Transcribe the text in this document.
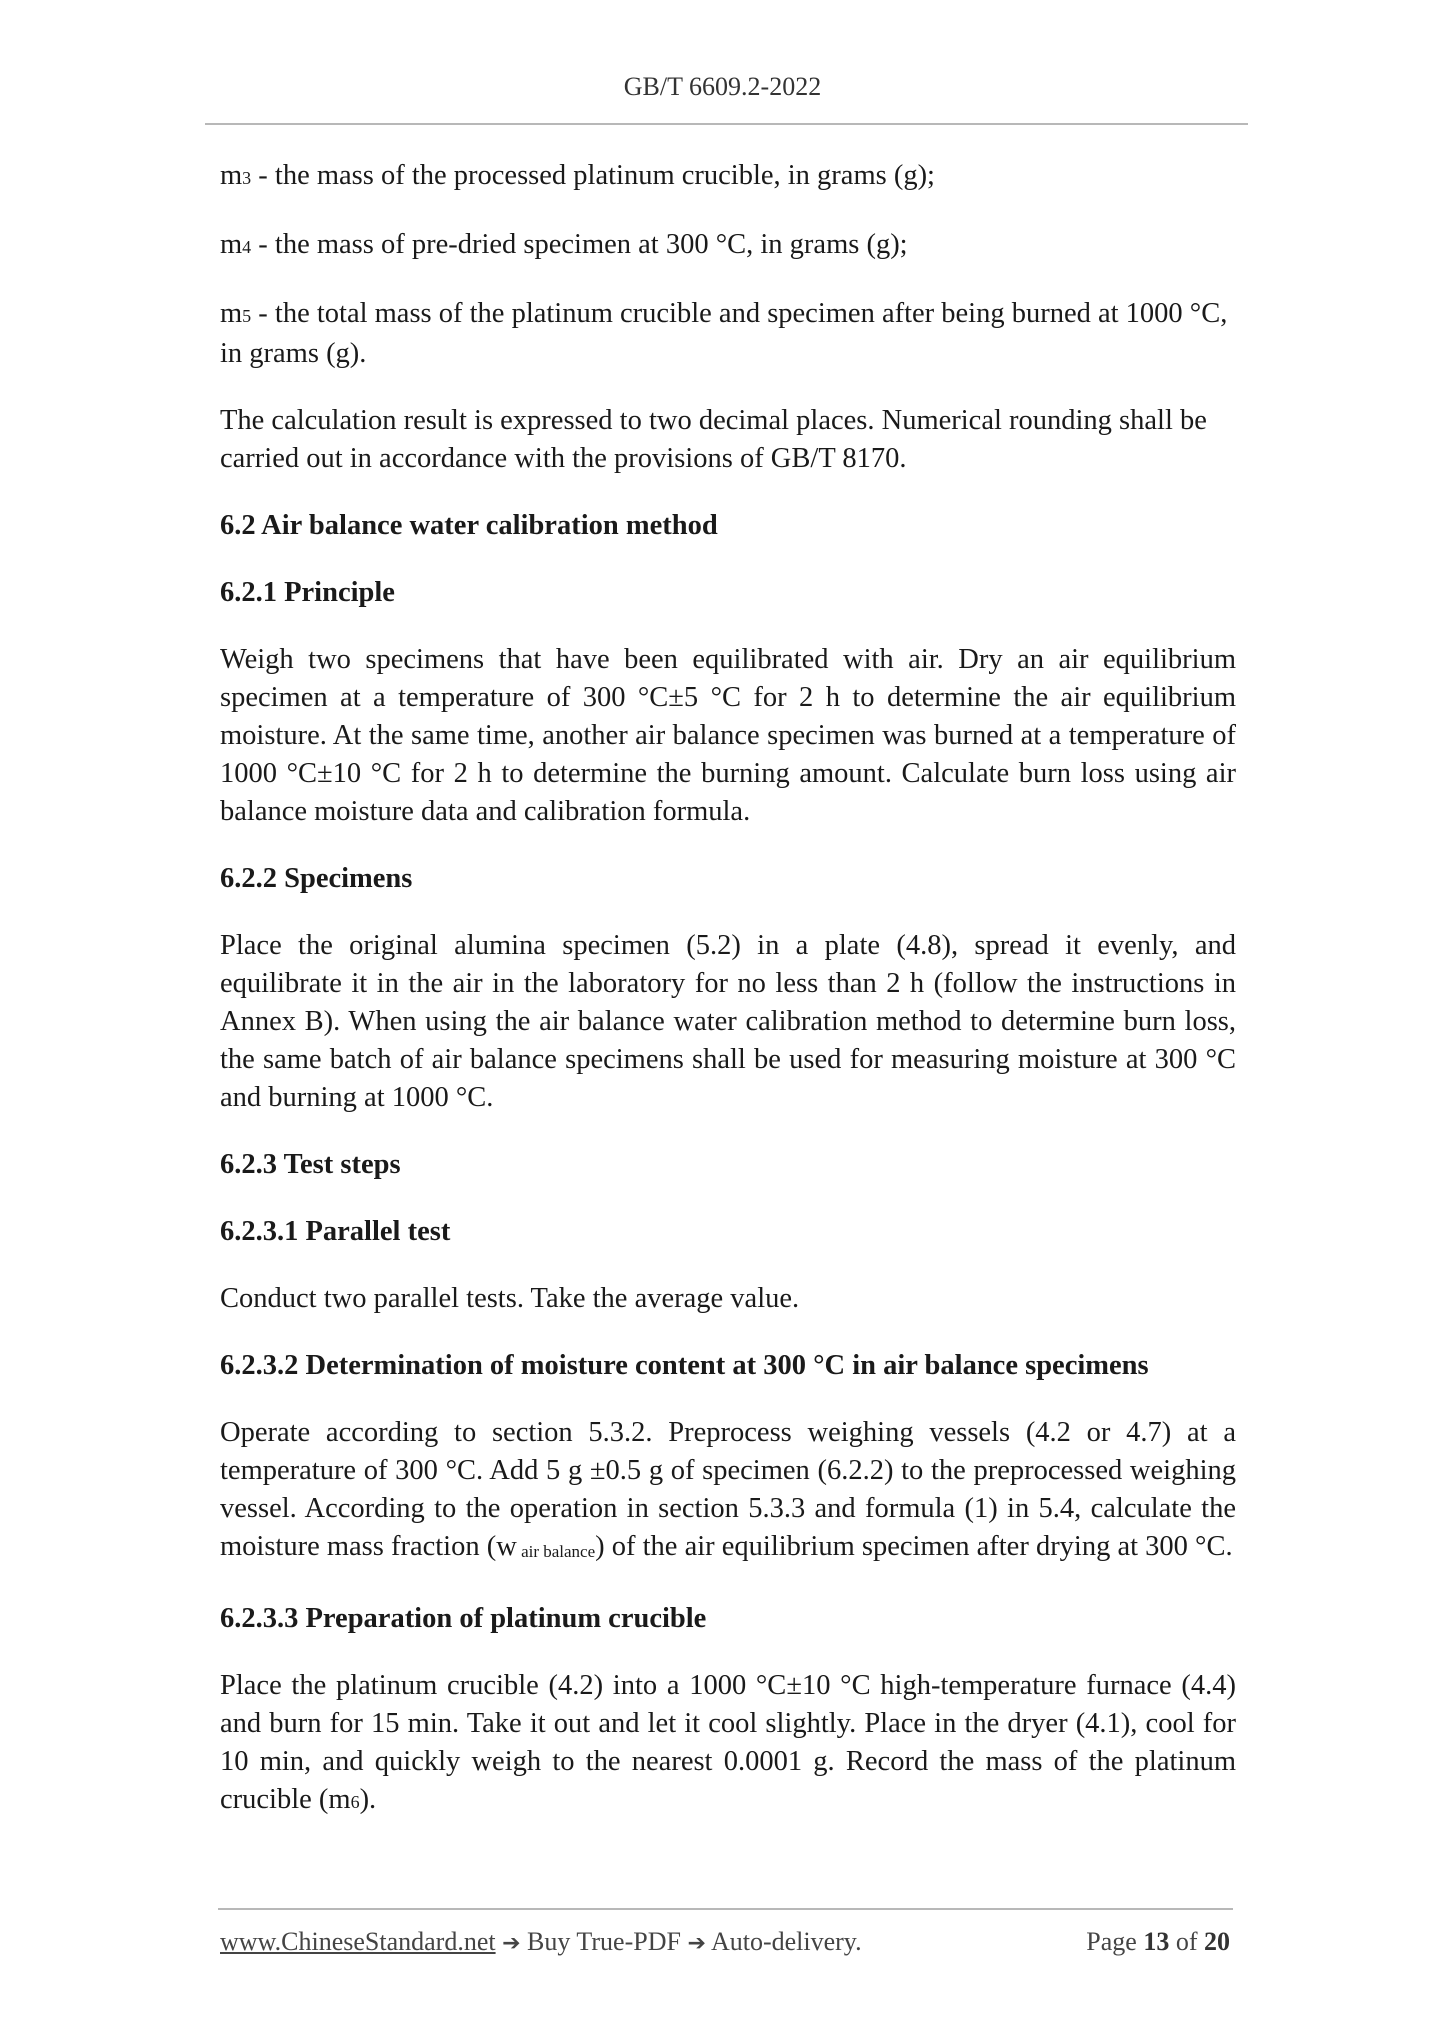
GB/T 6609.2-2022

m3 - the mass of the processed platinum crucible, in grams (g);

m4 - the mass of pre-dried specimen at 300 °C, in grams (g);

m5 - the total mass of the platinum crucible and specimen after being burned at 1000 °C, in grams (g).

The calculation result is expressed to two decimal places. Numerical rounding shall be carried out in accordance with the provisions of GB/T 8170.

6.2 Air balance water calibration method
6.2.1 Principle

Weigh two specimens that have been equilibrated with air. Dry an air equilibrium specimen at a temperature of 300 °C±5 °C for 2 h to determine the air equilibrium moisture. At the same time, another air balance specimen was burned at a temperature of 1000 °C±10 °C for 2 h to determine the burning amount. Calculate burn loss using air balance moisture data and calibration formula.

6.2.2 Specimens

Place the original alumina specimen (5.2) in a plate (4.8), spread it evenly, and equilibrate it in the air in the laboratory for no less than 2 h (follow the instructions in Annex B). When using the air balance water calibration method to determine burn loss, the same batch of air balance specimens shall be used for measuring moisture at 300 °C and burning at 1000 °C.

6.2.3 Test steps
6.2.3.1 Parallel test

Conduct two parallel tests. Take the average value.

6.2.3.2 Determination of moisture content at 300 °C in air balance specimens

Operate according to section 5.3.2. Preprocess weighing vessels (4.2 or 4.7) at a temperature of 300 °C. Add 5 g ±0.5 g of specimen (6.2.2) to the preprocessed weighing vessel. According to the operation in section 5.3.3 and formula (1) in 5.4, calculate the moisture mass fraction (w air balance) of the air equilibrium specimen after drying at 300 °C.

6.2.3.3 Preparation of platinum crucible

Place the platinum crucible (4.2) into a 1000 °C±10 °C high-temperature furnace (4.4) and burn for 15 min. Take it out and let it cool slightly. Place in the dryer (4.1), cool for 10 min, and quickly weigh to the nearest 0.0001 g. Record the mass of the platinum crucible (m6).

www.ChineseStandard.net ➔ Buy True-PDF ➔ Auto-delivery.	Page 13 of 20
